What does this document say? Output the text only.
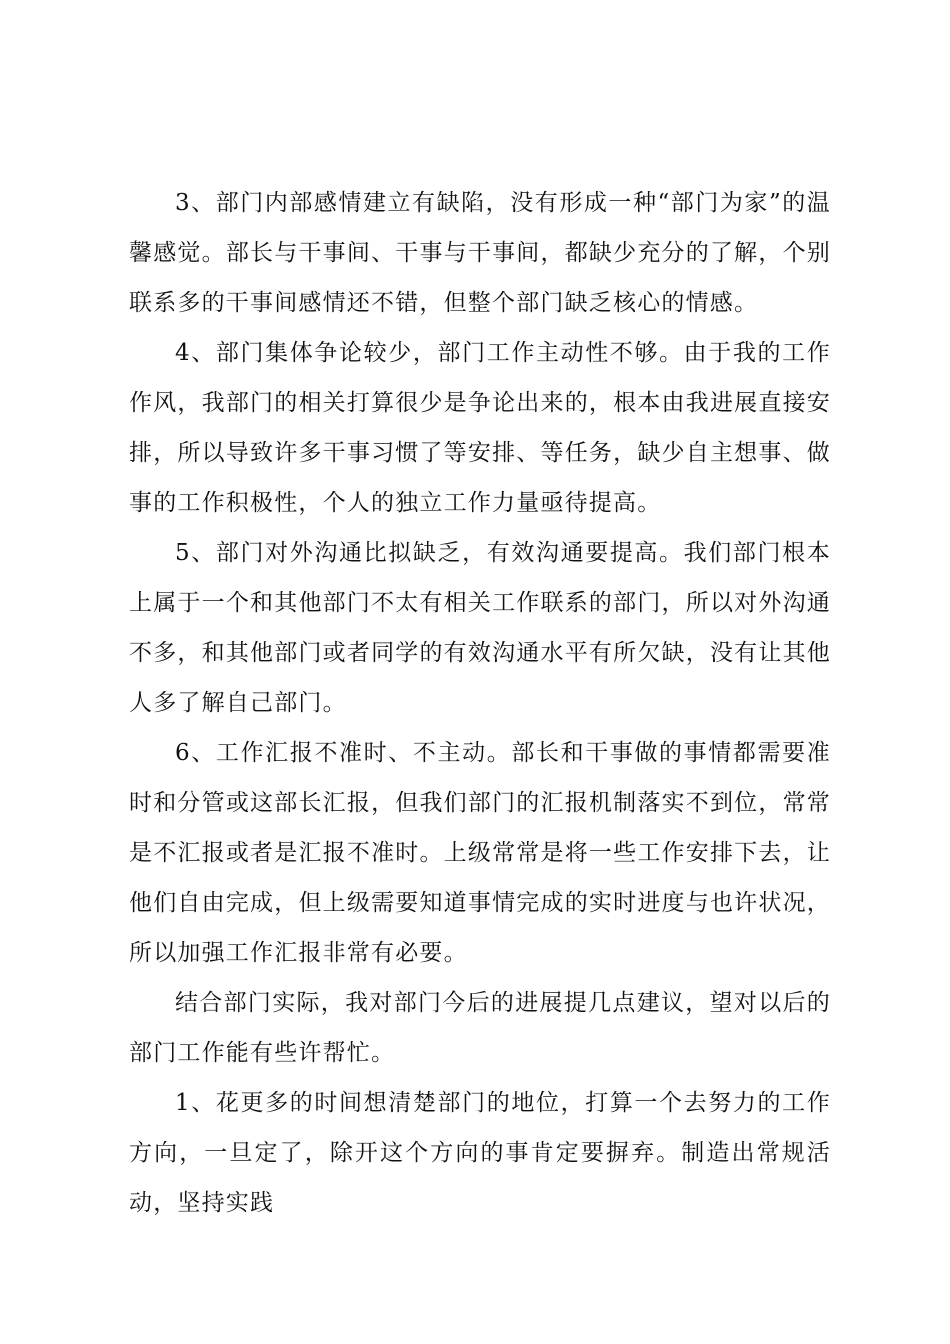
3、部门内部感情建立有缺陷，没有形成一种“部门为家”的温馨感觉。部长与干事间、干事与干事间，都缺少充分的了解，个别联系多的干事间感情还不错，但整个部门缺乏核心的情感。

4、部门集体争论较少，部门工作主动性不够。由于我的工作作风，我部门的相关打算很少是争论出来的，根本由我进展直接安排，所以导致许多干事习惯了等安排、等任务，缺少自主想事、做事的工作积极性，个人的独立工作力量亟待提高。

5、部门对外沟通比拟缺乏，有效沟通要提高。我们部门根本上属于一个和其他部门不太有相关工作联系的部门，所以对外沟通不多，和其他部门或者同学的有效沟通水平有所欠缺，没有让其他人多了解自己部门。

6、工作汇报不准时、不主动。部长和干事做的事情都需要准时和分管或这部长汇报，但我们部门的汇报机制落实不到位，常常是不汇报或者是汇报不准时。上级常常是将一些工作安排下去，让他们自由完成，但上级需要知道事情完成的实时进度与也许状况，所以加强工作汇报非常有必要。

结合部门实际，我对部门今后的进展提几点建议，望对以后的部门工作能有些许帮忙。

1、花更多的时间想清楚部门的地位，打算一个去努力的工作方向，一旦定了，除开这个方向的事肯定要摒弃。制造出常规活动，坚持实践
